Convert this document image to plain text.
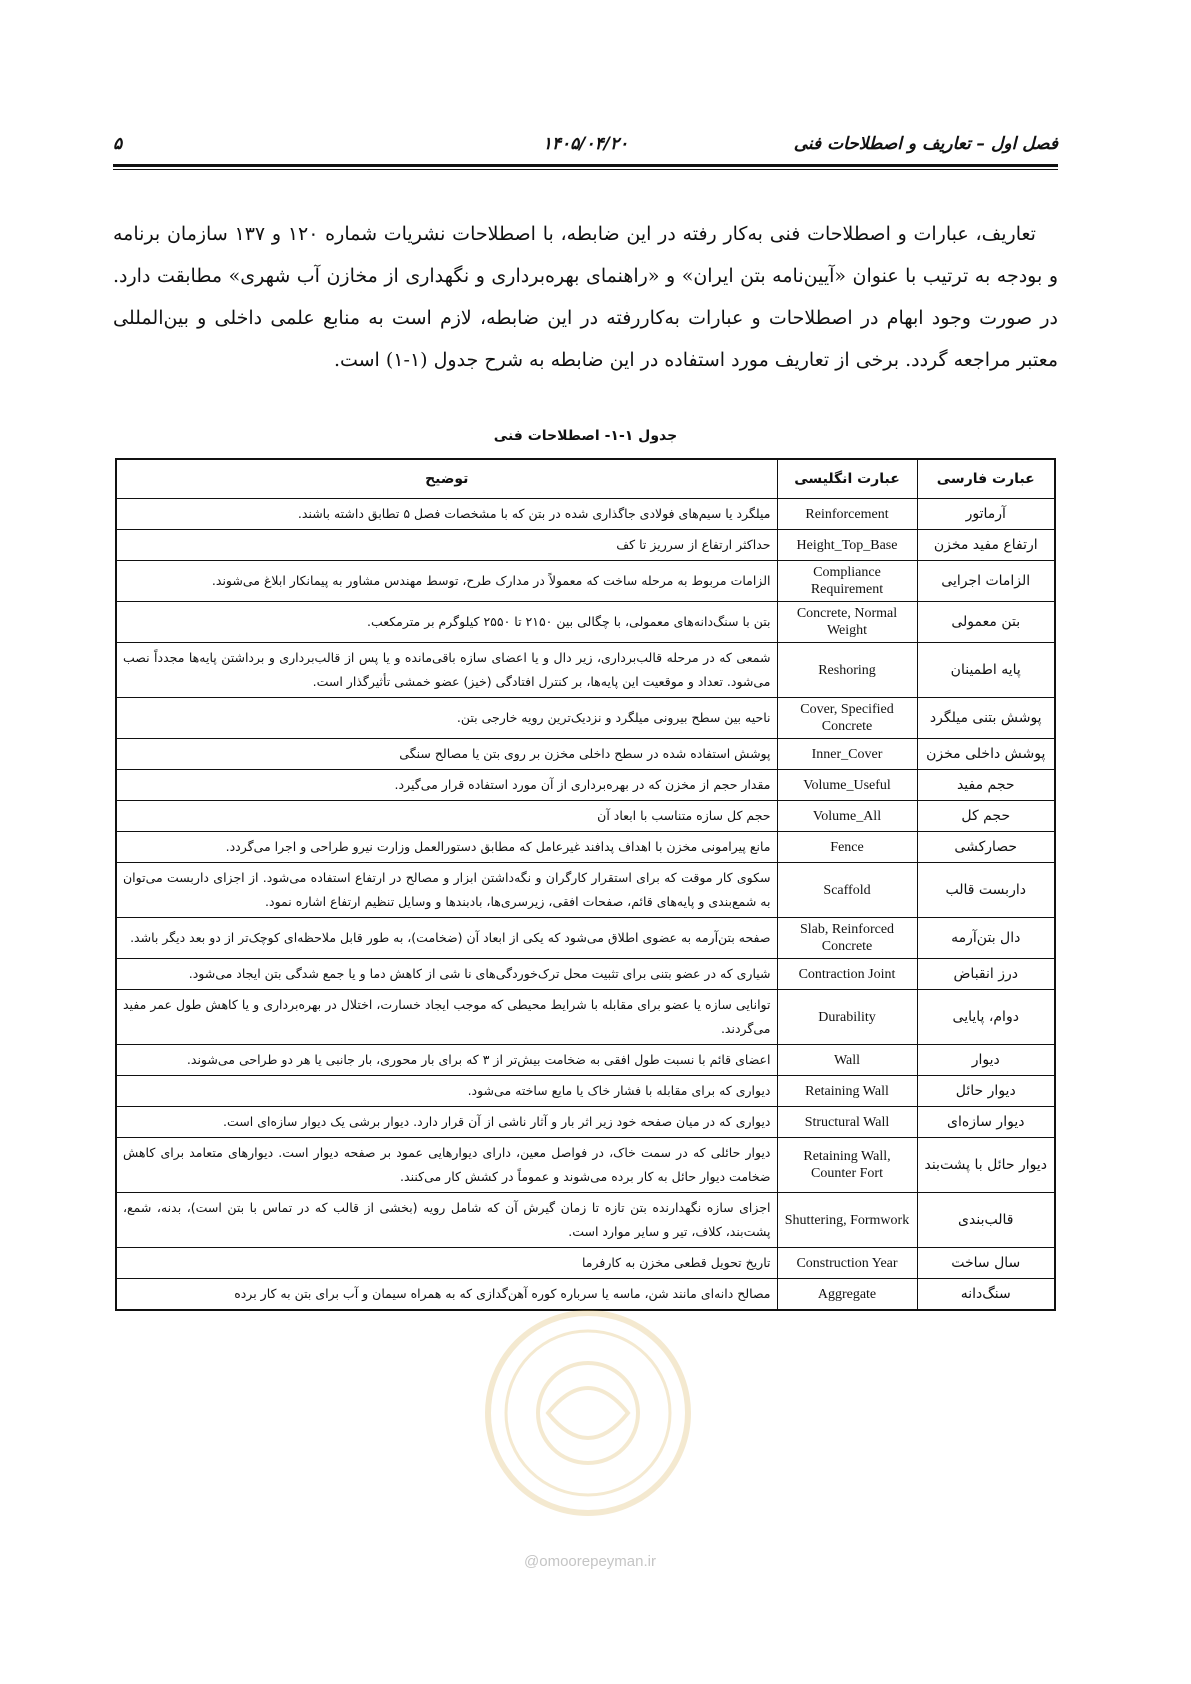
فصل اول – تعاریف و اصطلاحات فنی
۱۴۰۵/۰۴/۲۰
۵

تعاریف، عبارات و اصطلاحات فنی به‌کار رفته در این ضابطه، با اصطلاحات نشریات شماره ۱۲۰ و ۱۳۷ سازمان برنامه و بودجه به ترتیب با عنوان «آیین‌نامه بتن ایران» و «راهنمای بهره‌برداری و نگهداری از مخازن آب شهری» مطابقت دارد. در صورت وجود ابهام در اصطلاحات و عبارات به‌کاررفته در این ضابطه، لازم است به منابع علمی داخلی و بین‌المللی معتبر مراجعه گردد. برخی از تعاریف مورد استفاده در این ضابطه به شرح جدول (۱-۱) است.

جدول ۱-۱- اصطلاحات فنی
عبارت فارسی	عبارت انگلیسی	توضیح
آرماتور	Reinforcement	میلگرد یا سیم‌های فولادی جاگذاری شده در بتن که با مشخصات فصل ۵ تطابق داشته باشند.
ارتفاع مفید مخزن	Height_Top_Base	حداکثر ارتفاع از سرریز تا کف
الزامات اجرایی	Compliance Requirement	الزامات مربوط به مرحله ساخت که معمولاً در مدارک طرح، توسط مهندس مشاور به پیمانکار ابلاغ می‌شوند.
بتن معمولی	Concrete, Normal Weight	بتن با سنگ‌دانه‌های معمولی، با چگالی بین ۲۱۵۰ تا ۲۵۵۰ کیلوگرم بر مترمکعب.
پایه اطمینان	Reshoring	شمعی که در مرحله قالب‌برداری، زیر دال و یا اعضای سازه باقی‌مانده و یا پس از قالب‌برداری و برداشتن پایه‌ها مجدداً نصب می‌شود. تعداد و موقعیت این پایه‌ها، بر کنترل افتادگی (خیز) عضو خمشی تأثیرگذار است.
پوشش بتنی میلگرد	Cover, Specified Concrete	ناحیه بین سطح بیرونی میلگرد و نزدیک‌ترین رویه خارجی بتن.
پوشش داخلی مخزن	Inner_Cover	پوشش استفاده شده در سطح داخلی مخزن بر روی بتن یا مصالح سنگی
حجم مفید	Volume_Useful	مقدار حجم از مخزن که در بهره‌برداری از آن مورد استفاده قرار می‌گیرد.
حجم کل	Volume_All	حجم کل سازه متناسب با ابعاد آن
حصارکشی	Fence	مانع پیرامونی مخزن با اهداف پدافند غیرعامل که مطابق دستورالعمل وزارت نیرو طراحی و اجرا می‌گردد.
داربست قالب	Scaffold	سکوی کار موقت که برای استقرار کارگران و نگه‌داشتن ابزار و مصالح در ارتفاع استفاده می‌شود. از اجزای داربست می‌توان به شمع‌بندی و پایه‌های قائم، صفحات افقی، زیرسری‌ها، بادبندها و وسایل تنظیم ارتفاع اشاره نمود.
دال بتن‌آرمه	Slab, Reinforced Concrete	صفحه بتن‌آرمه به عضوی اطلاق می‌شود که یکی از ابعاد آن (ضخامت)، به طور قابل ملاحظه‌ای کوچک‌تر از دو بعد دیگر باشد.
درز انقباض	Contraction Joint	شیاری که در عضو بتنی برای تثبیت محل ترک‌خوردگی‌های نا شی از کاهش دما و یا جمع شدگی بتن ایجاد می‌شود.
دوام، پایایی	Durability	توانایی سازه یا عضو برای مقابله با شرایط محیطی که موجب ایجاد خسارت، اختلال در بهره‌برداری و یا کاهش طول عمر مفید می‌گردند.
دیوار	Wall	اعضای قائم با نسبت طول افقی به ضخامت بیش‌تر از ۳ که برای بار محوری، بار جانبی یا هر دو طراحی می‌شوند.
دیوار حائل	Retaining Wall	دیواری که برای مقابله با فشار خاک یا مایع ساخته می‌شود.
دیوار سازه‌ای	Structural Wall	دیواری که در میان صفحه خود زیر اثر بار و آثار ناشی از آن قرار دارد. دیوار برشی یک دیوار سازه‌ای است.
دیوار حائل با پشت‌بند	Retaining Wall, Counter Fort	دیوار حائلی که در سمت خاک، در فواصل معین، دارای دیوارهایی عمود بر صفحه دیوار است. دیوارهای متعامد برای کاهش ضخامت دیوار حائل به کار برده می‌شوند و عموماً در کشش کار می‌کنند.
قالب‌بندی	Shuttering, Formwork	اجزای سازه نگهدارنده بتن تازه تا زمان گیرش آن که شامل رویه (بخشی از قالب که در تماس با بتن است)، بدنه، شمع، پشت‌بند، کلاف، تیر و سایر موارد است.
سال ساخت	Construction Year	تاریخ تحویل قطعی مخزن به کارفرما
سنگ‌دانه	Aggregate	مصالح دانه‌ای مانند شن، ماسه یا سرباره کوره آهن‌گدازی که به همراه سیمان و آب برای بتن به کار برده
@omoorepeyman.ir
